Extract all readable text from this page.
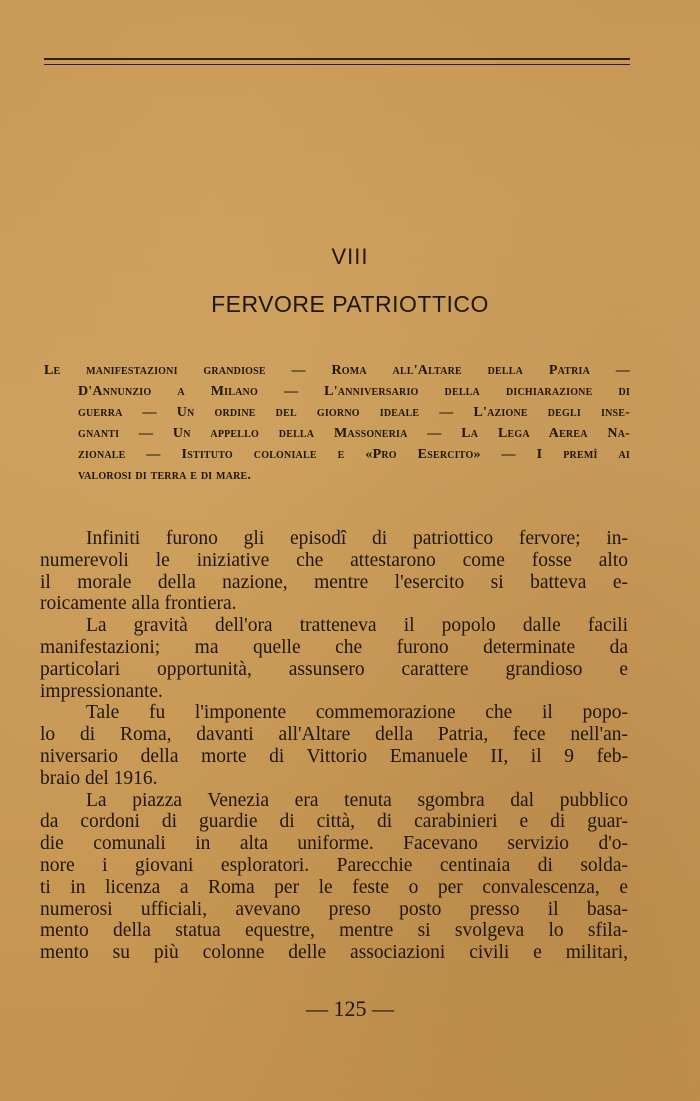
VIII
FERVORE PATRIOTTICO
Le manifestazioni grandiose — Roma all'Altare della Patria —
D'Annunzio a Milano — L'anniversario della dichiarazione di
guerra — Un ordine del giorno ideale — L'azione degli inse-
gnanti — Un appello della Massoneria — La Lega Aerea Na-
zionale — Istituto coloniale e «Pro Esercito» — I premî ai
valorosi di terra e di mare.
Infiniti furono gli episodî di patriottico fervore; in-
numerevoli le iniziative che attestarono come fosse alto
il morale della nazione, mentre l'esercito si batteva e-
roicamente alla frontiera.
La gravità dell'ora tratteneva il popolo dalle facili
manifestazioni; ma quelle che furono determinate da
particolari opportunità, assunsero carattere grandioso e
impressionante.
Tale fu l'imponente commemorazione che il popo-
lo di Roma, davanti all'Altare della Patria, fece nell'an-
niversario della morte di Vittorio Emanuele II, il 9 feb-
braio del 1916.
La piazza Venezia era tenuta sgombra dal pubblico
da cordoni di guardie di città, di carabinieri e di guar-
die comunali in alta uniforme. Facevano servizio d'o-
nore i giovani esploratori. Parecchie centinaia di solda-
ti in licenza a Roma per le feste o per convalescenza, e
numerosi ufficiali, avevano preso posto presso il basa-
mento della statua equestre, mentre si svolgeva lo sfila-
mento su più colonne delle associazioni civili e militari,
— 125 —
